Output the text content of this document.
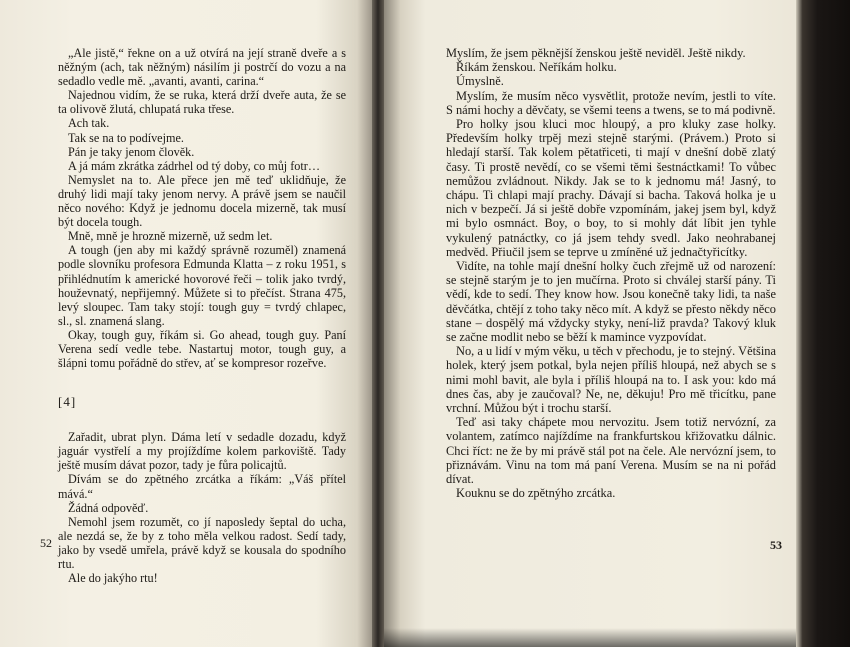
„Ale jistě,“ řekne on a už otvírá na její straně dveře a s něžným (ach, tak něžným) násilím ji postrčí do vozu a na sedadlo vedle mě. „avanti, avanti, carina.“

Najednou vidím, že se ruka, která drží dveře auta, že se ta olivově žlutá, chlupatá ruka třese.

Ach tak.

Tak se na to podívejme.

Pán je taky jenom člověk.

A já mám zkrátka zádrhel od tý doby, co můj fotr…

Nemyslet na to. Ale přece jen mě teď uklidňuje, že druhý lidi mají taky jenom nervy. A právě jsem se naučil něco nového: Když je jednomu docela mizerně, tak musí být docela tough.

Mně, mně je hrozně mizerně, už sedm let.

A tough (jen aby mi každý správně rozuměl) znamená podle slovníku profesora Edmunda Klatta – z roku 1951, s přihlédnutím k americké hovorové řeči – tolik jako tvrdý, houževnatý, nepřijemný. Můžete si to přečíst. Strana 475, levý sloupec. Tam taky stojí: tough guy = tvrdý chlapec, sl., sl. znamená slang.

Okay, tough guy, říkám si. Go ahead, tough guy. Paní Verena sedí vedle tebe. Nastartuj motor, tough guy, a šlápni tomu pořádně do střev, ať se kompresor rozeřve.

[4]

Zařadit, ubrat plyn. Dáma letí v sedadle dozadu, když jaguár vystřelí a my projíždíme kolem parkoviště. Tady ještě musím dávat pozor, tady je fůra policajtů.

Dívám se do zpětného zrcátka a říkám: „Váš přítel mává.“

Žádná odpověď.

Nemohl jsem rozumět, co jí naposledy šeptal do ucha, ale nezdá se, že by z toho měla velkou radost. Sedí tady, jako by vsedě umřela, právě když se kousala do spodního rtu.

Ale do jakýho rtu!

52

Myslím, že jsem pěknější ženskou ještě neviděl. Ještě nikdy.

Říkám ženskou. Neříkám holku.

Úmyslně.

Myslím, že musím něco vysvětlit, protože nevím, jestli to víte. S námi hochy a děvčaty, se všemi teens a twens, se to má podivně.

Pro holky jsou kluci moc hloupý, a pro kluky zase holky. Především holky trpěj mezi stejně starými. (Právem.) Proto si hledají starší. Tak kolem pětatřiceti, ti mají v dnešní době zlatý časy. Ti prostě nevědí, co se všemi těmi šestnáctkami! To vůbec nemůžou zvládnout. Nikdy. Jak se to k jednomu má! Jasný, to chápu. Ti chlapi mají prachy. Dávají si bacha. Taková holka je u nich v bezpečí. Já si ještě dobře vzpomínám, jakej jsem byl, když mi bylo osmnáct. Boy, o boy, to si mohly dát líbit jen tyhle vykulený patnáctky, co já jsem tehdy svedl. Jako neohrabanej medvěd. Přiučil jsem se teprve u zmíněné už jednačtyřicítky.

Vidíte, na tohle mají dnešní holky čuch zřejmě už od narození: se stejně starým je to jen mučírna. Proto si chválej starší pány. Ti vědí, kde to sedí. They know how. Jsou konečně taky lidi, ta naše děvčátka, chtějí z toho taky něco mít. A když se přesto někdy něco stane – dospělý má vždycky styky, není-liž pravda? Takový kluk se začne modlit nebo se běží k mamince vyzpovídat.

No, a u lidí v mým věku, u těch v přechodu, je to stejný. Většina holek, který jsem potkal, byla nejen příliš hloupá, než abych se s nimi mohl bavit, ale byla i příliš hloupá na to. I ask you: kdo má dnes čas, aby je zaučoval? Ne, ne, děkuju! Pro mě třicítku, pane vrchní. Můžou být i trochu starší.

Teď asi taky chápete mou nervozitu. Jsem totiž nervózní, za volantem, zatímco najíždíme na frankfurtskou křižovatku dálnic. Chci říct: ne že by mi právě stál pot na čele. Ale nervózní jsem, to přiznávám. Vinu na tom má paní Verena. Musím se na ni pořád dívat.

Kouknu se do zpětnýho zrcátka.

53
